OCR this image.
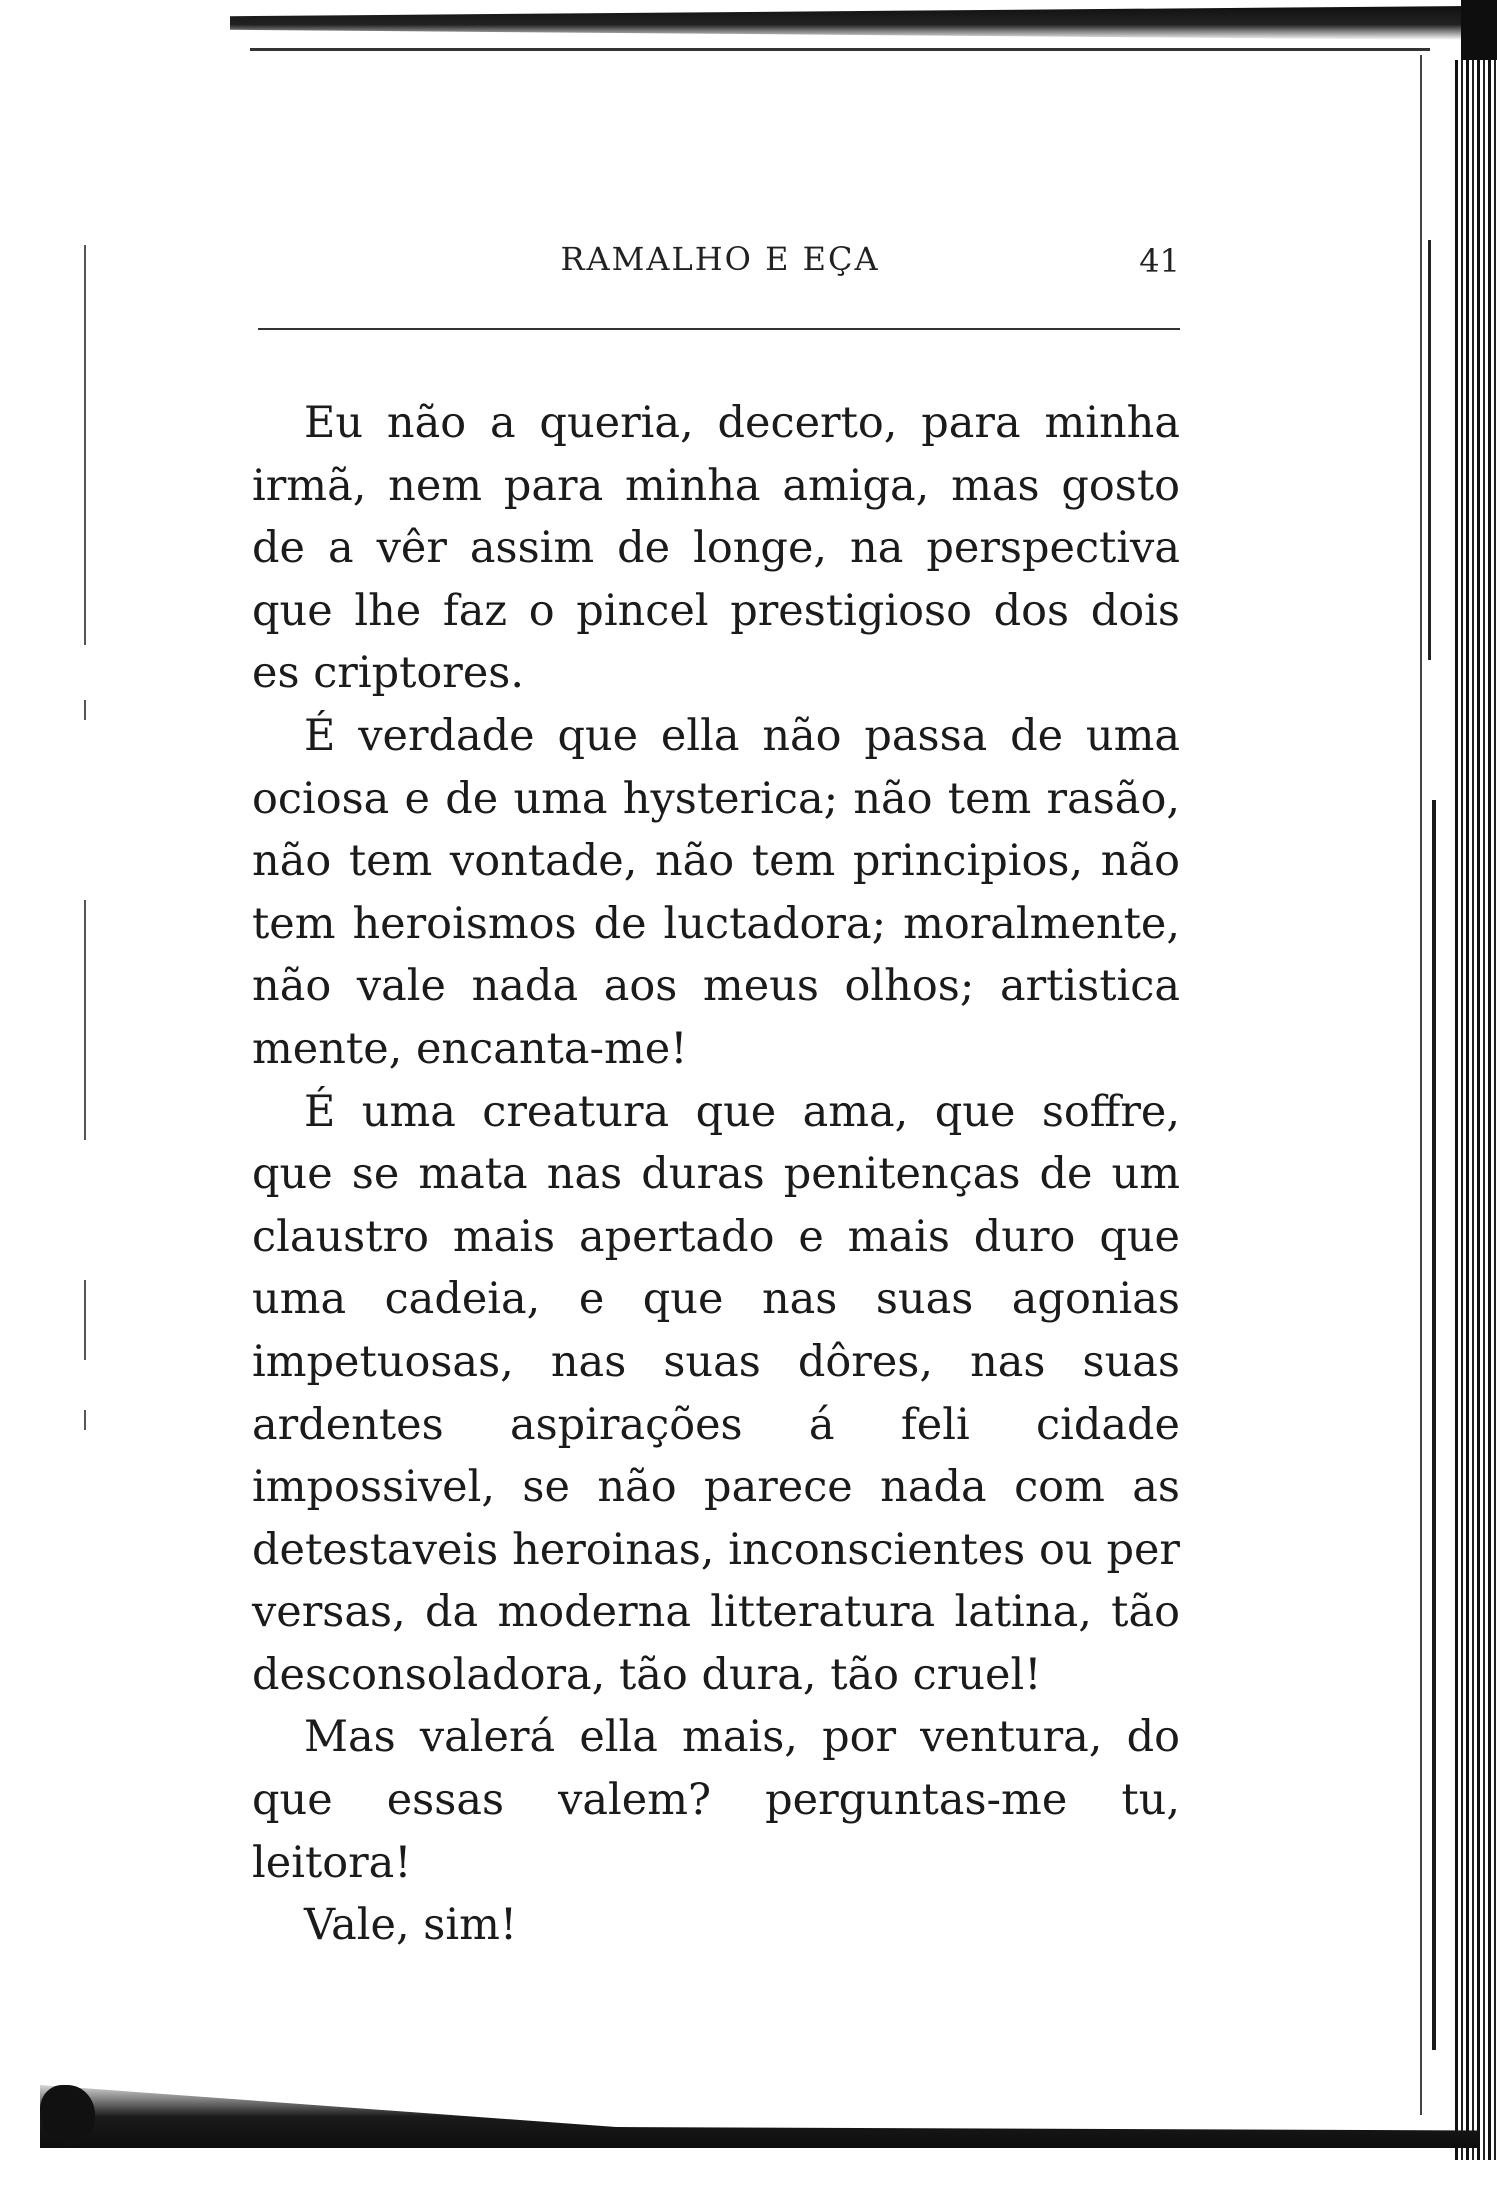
RAMALHO E EÇA	41

Eu não a queria, decerto, para minha irmã, nem para minha amiga, mas gosto de a vêr assim de longe, na perspectiva que lhe faz o pincel prestigioso dos dois es criptores.

É verdade que ella não passa de uma ociosa e de uma hysterica; não tem rasão, não tem vontade, não tem principios, não tem heroismos de luctadora; moralmente, não vale nada aos meus olhos; artistica mente, encanta-me!

É uma creatura que ama, que soffre, que se mata nas duras penitenças de um claustro mais apertado e mais duro que uma cadeia, e que nas suas agonias impetuosas, nas suas dôres, nas suas ardentes aspirações á feli cidade impossivel, se não parece nada com as detestaveis heroinas, inconscientes ou per versas, da moderna litteratura latina, tão desconsoladora, tão dura, tão cruel!

Mas valerá ella mais, por ventura, do que essas valem? perguntas-me tu, leitora!

Vale, sim!
